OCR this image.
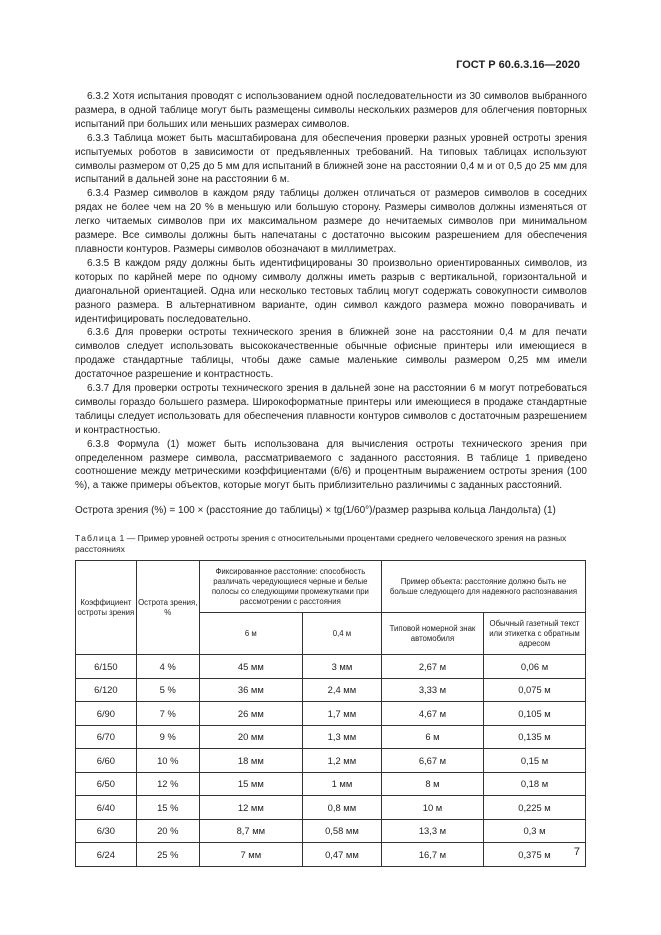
ГОСТ Р 60.6.3.16—2020

6.3.2 Хотя испытания проводят с использованием одной последовательности из 30 символов выбранного размера, в одной таблице могут быть размещены символы нескольких размеров для облегчения повторных испытаний при больших или меньших размерах символов.

6.3.3 Таблица может быть масштабирована для обеспечения проверки разных уровней остроты зрения испытуемых роботов в зависимости от предъявленных требований. На типовых таблицах используют символы размером от 0,25 до 5 мм для испытаний в ближней зоне на расстоянии 0,4 м и от 0,5 до 25 мм для испытаний в дальней зоне на расстоянии 6 м.

6.3.4 Размер символов в каждом ряду таблицы должен отличаться от размеров символов в соседних рядах не более чем на 20 % в меньшую или большую сторону. Размеры символов должны изменяться от легко читаемых символов при их максимальном размере до нечитаемых символов при минимальном размере. Все символы должны быть напечатаны с достаточно высоким разрешением для обеспечения плавности контуров. Размеры символов обозначают в миллиметрах.

6.3.5 В каждом ряду должны быть идентифицированы 30 произвольно ориентированных символов, из которых по карйней мере по одному символу должны иметь разрыв с вертикальной, горизонтальной и диагональной ориентацией. Одна или несколько тестовых таблиц могут содержать совокупности символов разного размера. В альтернативном варианте, один символ каждого размера можно поворачивать и идентифицировать последовательно.

6.3.6 Для проверки остроты технического зрения в ближней зоне на расстоянии 0,4 м для печати символов следует использовать высококачественные обычные офисные принтеры или имеющиеся в продаже стандартные таблицы, чтобы даже самые маленькие символы размером 0,25 мм имели достаточное разрешение и контрастность.

6.3.7 Для проверки остроты технического зрения в дальней зоне на расстоянии 6 м могут потребоваться символы гораздо большего размера. Широкоформатные принтеры или имеющиеся в продаже стандартные таблицы следует использовать для обеспечения плавности контуров символов с достаточным разрешением и контрастностью.

6.3.8 Формула (1) может быть использована для вычисления остроты технического зрения при определенном размере символа, рассматриваемого с заданного расстояния. В таблице 1 приведено соотношение между метрическими коэффициентами (6/6) и процентным выражением остроты зрения (100 %), а также примеры объектов, которые могут быть приблизительно различимы с заданных расстояний.

Острота зрения (%) = 100 × (расстояние до таблицы) × tg(1/60°)/размер разрыва кольца Ландольта) (1)
Таблица 1 — Пример уровней остроты зрения с относительными процентами среднего человеческого зрения на разных расстояниях
Коэффициент остроты зрения	Острота зрения, %	Фиксированное расстояние: способность различать чередующиеся черные и белые полосы со следующими промежутками при рассмотрении с расстояния		Пример объекта: расстояние должно быть не больше следующего для надежного распознавания	
		6 м	0,4 м	Типовой номерной знак автомобиля	Обычный газетный текст или этикетка с обратным адресом
6/150	4 %	45 мм	3 мм	2,67 м	0,06 м
6/120	5 %	36 мм	2,4 мм	3,33 м	0,075 м
6/90	7 %	26 мм	1,7 мм	4,67 м	0,105 м
6/70	9 %	20 мм	1,3 мм	6 м	0,135 м
6/60	10 %	18 мм	1,2 мм	6,67 м	0,15 м
6/50	12 %	15 мм	1 мм	8 м	0,18 м
6/40	15 %	12 мм	0,8 мм	10 м	0,225 м
6/30	20 %	8,7 мм	0,58 мм	13,3 м	0,3 м
6/24	25 %	7 мм	0,47 мм	16,7 м	0,375 м 7
